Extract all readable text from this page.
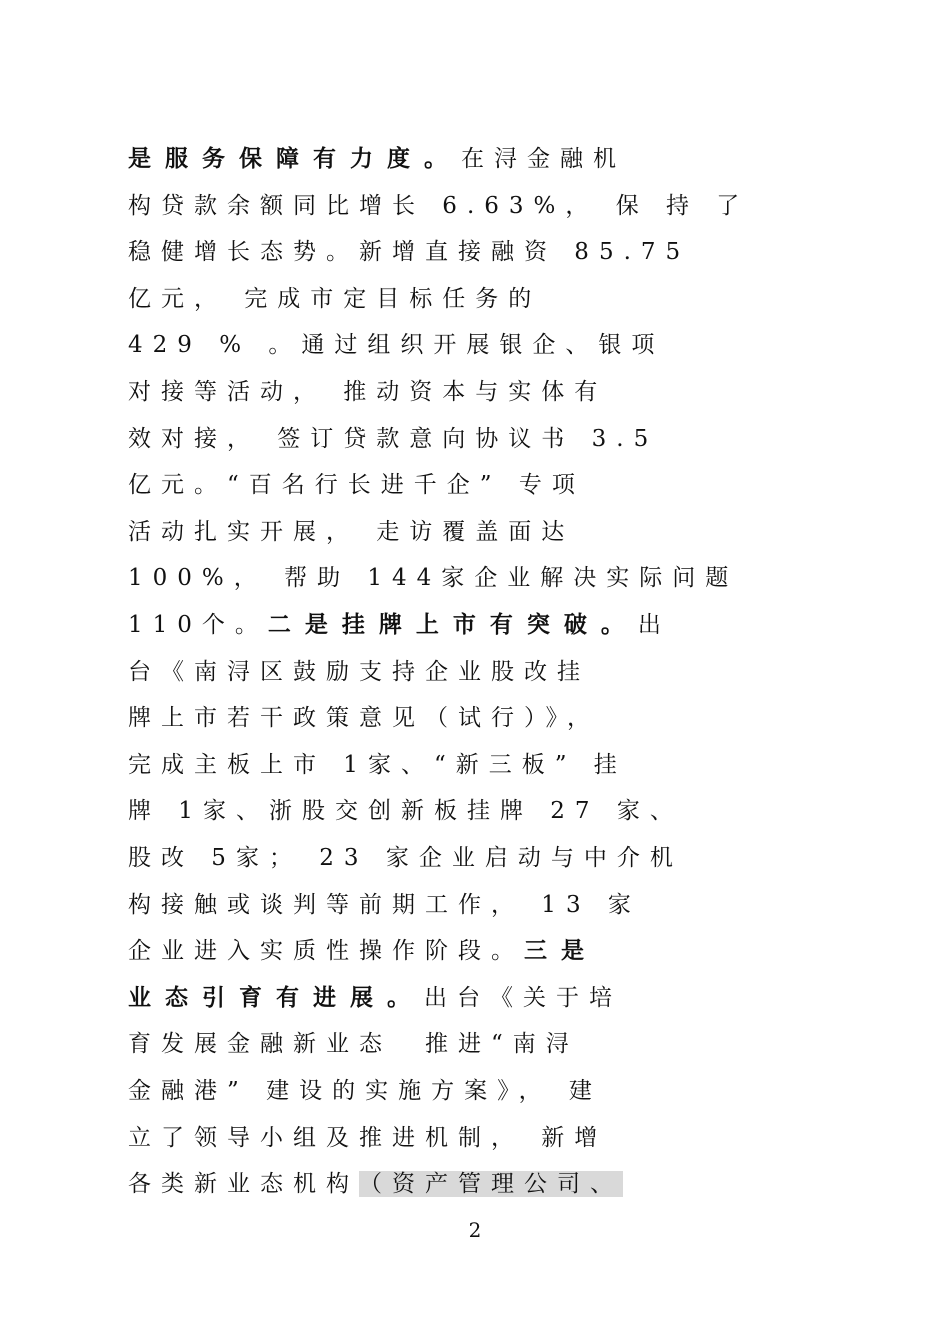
是服务保障有力度。在浔金融机
构贷款余额同比增长 6.63%， 保 持 了
稳健增长态势。新增直接融资 85.75
亿元， 完成市定目标任务的
429 % 。通过组织开展银企、银项
对接等活动， 推动资本与实体有
效对接， 签订贷款意向协议书 3.5
亿元。“百名行长进千企” 专项
活动扎实开展， 走访覆盖面达
100%， 帮助 144家企业解决实际问题
110个。二是挂牌上市有突破。出
台《南浔区鼓励支持企业股改挂
牌上市若干政策意见（试行）》，
完成主板上市 1家、“新三板” 挂
牌 1家、浙股交创新板挂牌 27 家、
股改 5家； 23 家企业启动与中介机
构接触或谈判等前期工作， 13 家
企业进入实质性操作阶段。三是
业态引育有进展。出台《关于培
育发展金融新业态　推进“南浔
金融港” 建设的实施方案》， 建
立了领导小组及推进机制， 新增
各类新业态机构（资产管理公司、
2
